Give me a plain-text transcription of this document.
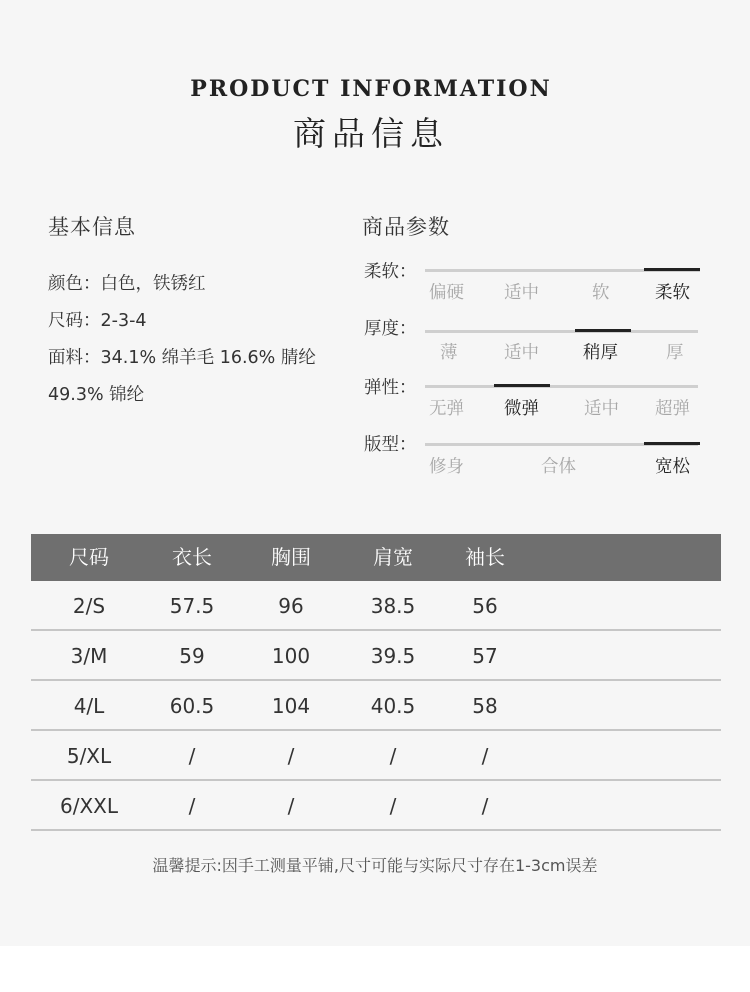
PRODUCT INFORMATION
商品信息
基本信息
颜色：白色，铁锈红
尺码：2-3-4
面料：34.1% 绵羊毛 16.6% 腈纶
49.3% 锦纶
商品参数
柔软：
偏硬 适中	软	柔软
厚度：
薄	适中	稍厚	厚
弹性：
无弹 微弹	适中 超弹
版型：
修身	合体	宽松
尺码	衣长	胸围	肩宽	袖长
2/S	57.5	96	38.5	56
3/M	59	100	39.5	57
4/L	60.5	104	40.5	58
5/XL	/	/	/	/
6/XXL	/	/	/	/
温馨提示:因手工测量平铺,尺寸可能与实际尺寸存在1-3cm误差
